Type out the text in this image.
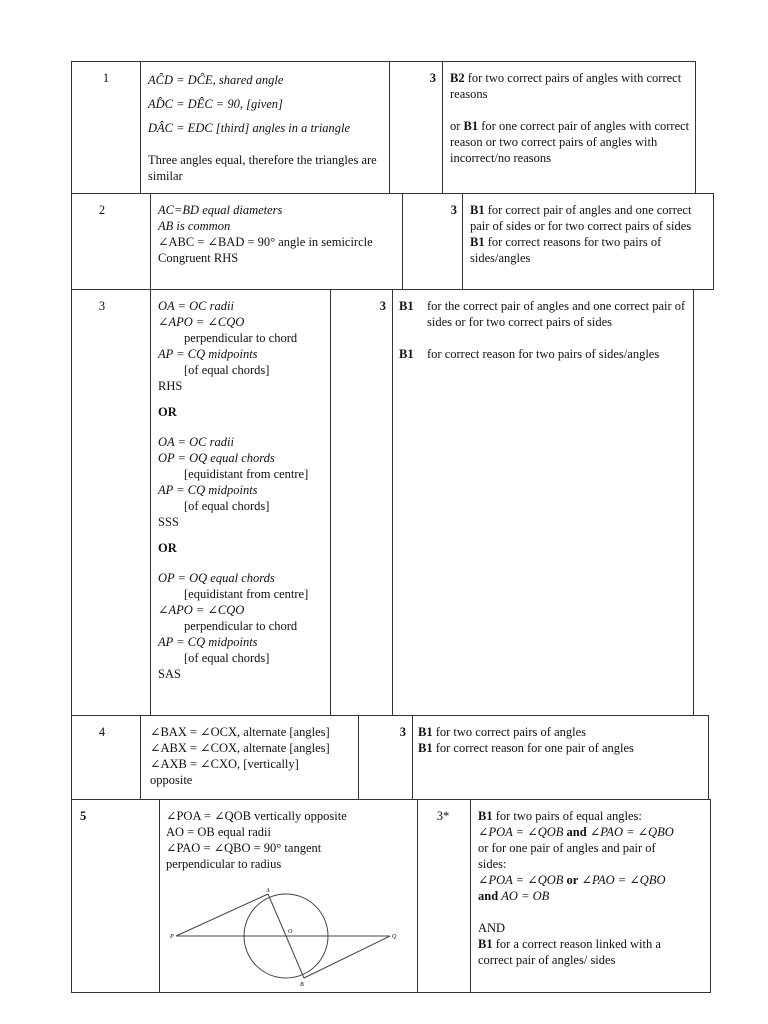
1	AĈD = DĈE, shared angle
AD̂C = DÊC = 90, [given]
DÂC = EDC [third] angles in a triangle
Three angles equal, therefore the triangles are similar
3 B2 for two correct pairs of angles with correct reasons
or B1 for one correct pair of angles with correct reason or two correct pairs of angles with incorrect/no reasons
2	AC=BD equal diameters
AB is common
∠ABC = ∠BAD = 90° angle in semicircle
Congruent RHS
3 B1 for correct pair of angles and one correct pair of sides or for two correct pairs of sides
B1 for correct reasons for two pairs of sides/angles
3	OA = OC radii
∠APO = ∠CQO
perpendicular to chord
AP = CQ midpoints
[of equal chords]
RHS
OR
OA = OC radii
OP = OQ equal chords
[equidistant from centre]
AP = CQ midpoints
[of equal chords]
SSS
OR
OP = OQ equal chords
[equidistant from centre]
∠APO = ∠CQO
perpendicular to chord
AP = CQ midpoints
[of equal chords]
SAS
3 B1	for the correct pair of angles and one correct pair of sides or for two correct pairs of sides
B1	for correct reason for two pairs of sides/angles
4	∠BAX = ∠OCX, alternate [angles]
∠ABX = ∠COX, alternate [angles]
∠AXB = ∠CXO, [vertically]
opposite
3 B1 for two correct pairs of angles
B1 for correct reason for one pair of angles
5	∠POA = ∠QOB vertically opposite
AO = OB equal radii
∠PAO = ∠QBO = 90° tangent
perpendicular to radius
A
B
O
P	Q
3*	B1 for two pairs of equal angles:
∠POA = ∠QOB and ∠PAO = ∠QBO
or for one pair of angles and pair of
sides:
∠POA = ∠QOB or ∠PAO = ∠QBO
and AO = OB
AND
B1 for a correct reason linked with a
correct pair of angles/ sides
